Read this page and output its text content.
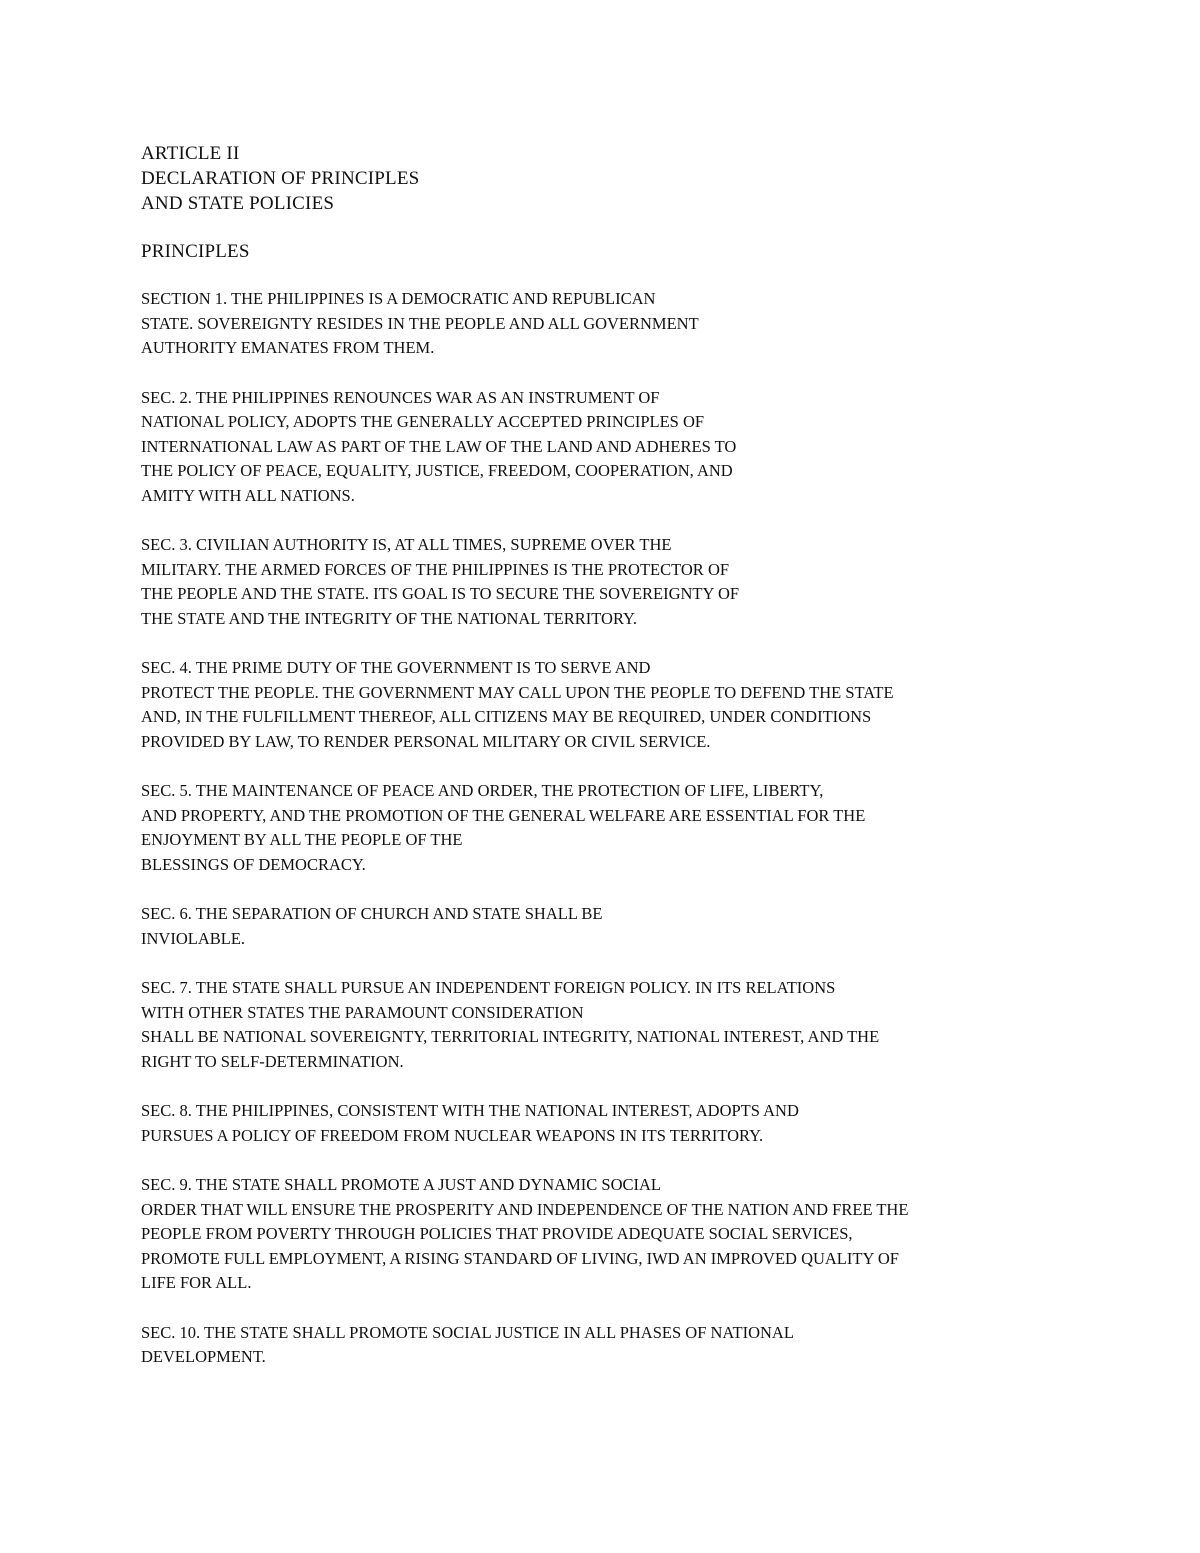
ARTICLE II
DECLARATION OF PRINCIPLES
AND STATE POLICIES
PRINCIPLES
SECTION 1. THE PHILIPPINES IS A DEMOCRATIC AND REPUBLICAN
STATE. SOVEREIGNTY RESIDES IN THE PEOPLE AND ALL GOVERNMENT
AUTHORITY EMANATES FROM THEM.
SEC. 2. THE PHILIPPINES RENOUNCES WAR AS AN INSTRUMENT OF
NATIONAL POLICY, ADOPTS THE GENERALLY ACCEPTED PRINCIPLES OF
INTERNATIONAL LAW AS PART OF THE LAW OF THE LAND AND ADHERES TO
THE POLICY OF PEACE, EQUALITY, JUSTICE, FREEDOM, COOPERATION, AND
AMITY WITH ALL NATIONS.
SEC. 3. CIVILIAN AUTHORITY IS, AT ALL TIMES, SUPREME OVER THE
MILITARY. THE ARMED FORCES OF THE PHILIPPINES IS THE PROTECTOR OF
THE PEOPLE AND THE STATE. ITS GOAL IS TO SECURE THE SOVEREIGNTY OF
THE STATE AND THE INTEGRITY OF THE NATIONAL TERRITORY.
SEC. 4. THE PRIME DUTY OF THE GOVERNMENT IS TO SERVE AND
PROTECT THE PEOPLE. THE GOVERNMENT MAY CALL UPON THE PEOPLE TO DEFEND THE STATE
AND, IN THE FULFILLMENT THEREOF, ALL CITIZENS MAY BE REQUIRED, UNDER CONDITIONS
PROVIDED BY LAW, TO RENDER PERSONAL MILITARY OR CIVIL SERVICE.
SEC. 5. THE MAINTENANCE OF PEACE AND ORDER, THE PROTECTION OF LIFE, LIBERTY,
AND PROPERTY, AND THE PROMOTION OF THE GENERAL WELFARE ARE ESSENTIAL FOR THE
ENJOYMENT BY ALL THE PEOPLE OF THE
BLESSINGS OF DEMOCRACY.
SEC. 6. THE SEPARATION OF CHURCH AND STATE SHALL BE
INVIOLABLE.
SEC. 7. THE STATE SHALL PURSUE AN INDEPENDENT FOREIGN POLICY. IN ITS RELATIONS
WITH OTHER STATES THE PARAMOUNT CONSIDERATION
SHALL BE NATIONAL SOVEREIGNTY, TERRITORIAL INTEGRITY, NATIONAL INTEREST, AND THE
RIGHT TO SELF-DETERMINATION.
SEC. 8. THE PHILIPPINES, CONSISTENT WITH THE NATIONAL INTEREST, ADOPTS AND
PURSUES A POLICY OF FREEDOM FROM NUCLEAR WEAPONS IN ITS TERRITORY.
SEC. 9. THE STATE SHALL PROMOTE A JUST AND DYNAMIC SOCIAL
ORDER THAT WILL ENSURE THE PROSPERITY AND INDEPENDENCE OF THE NATION AND FREE THE
PEOPLE FROM POVERTY THROUGH POLICIES THAT PROVIDE ADEQUATE SOCIAL SERVICES,
PROMOTE FULL EMPLOYMENT, A RISING STANDARD OF LIVING, IWD AN IMPROVED QUALITY OF
LIFE FOR ALL.
SEC. 10. THE STATE SHALL PROMOTE SOCIAL JUSTICE IN ALL PHASES OF NATIONAL
DEVELOPMENT.
